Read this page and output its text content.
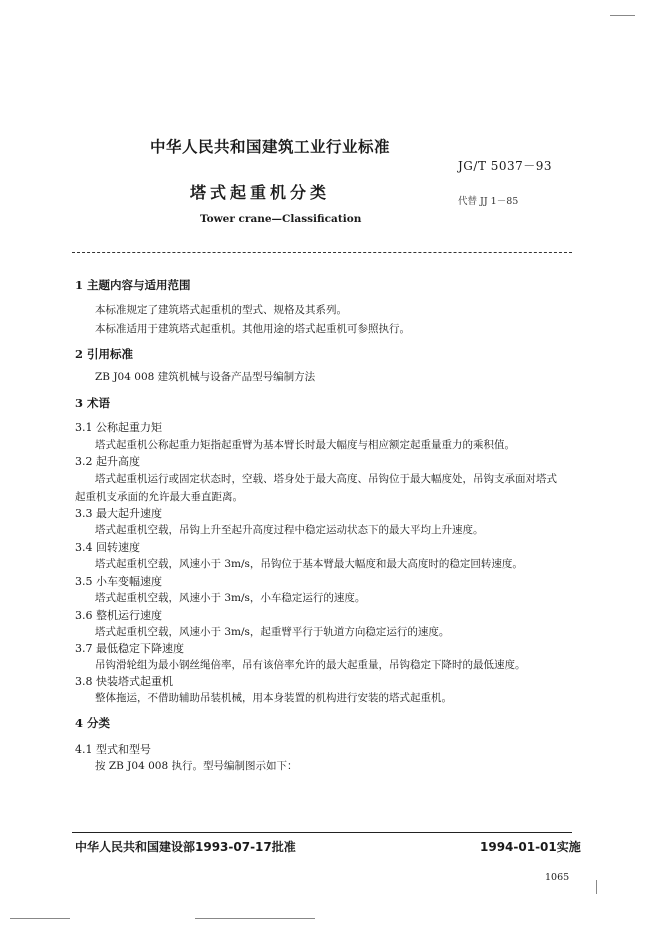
中华人民共和国建筑工业行业标准
JG/T 5037－93
塔式起重机分类	代替 JJ 1－85
Tower crane—Classification
1 主题内容与适用范围
本标准规定了建筑塔式起重机的型式、规格及其系列。
本标准适用于建筑塔式起重机。其他用途的塔式起重机可参照执行。
2 引用标准
ZB J04 008 建筑机械与设备产品型号编制方法
3 术语
3.1 公称起重力矩
塔式起重机公称起重力矩指起重臂为基本臂长时最大幅度与相应额定起重量重力的乘积值。
3.2 起升高度
塔式起重机运行或固定状态时，空载、塔身处于最大高度、吊钩位于最大幅度处，吊钩支承面对塔式
起重机支承面的允许最大垂直距离。
3.3 最大起升速度
塔式起重机空载，吊钩上升至起升高度过程中稳定运动状态下的最大平均上升速度。
3.4 回转速度
塔式起重机空载，风速小于 3m/s，吊钩位于基本臂最大幅度和最大高度时的稳定回转速度。
3.5 小车变幅速度
塔式起重机空载，风速小于 3m/s，小车稳定运行的速度。
3.6 整机运行速度
塔式起重机空载，风速小于 3m/s，起重臂平行于轨道方向稳定运行的速度。
3.7 最低稳定下降速度
吊钩滑轮组为最小钢丝绳倍率，吊有该倍率允许的最大起重量，吊钩稳定下降时的最低速度。
3.8 快装塔式起重机
整体拖运，不借助辅助吊装机械，用本身装置的机构进行安装的塔式起重机。
4 分类
4.1 型式和型号
按 ZB J04 008 执行。型号编制图示如下：
中华人民共和国建设部1993-07-17批准	1994-01-01实施
1065
